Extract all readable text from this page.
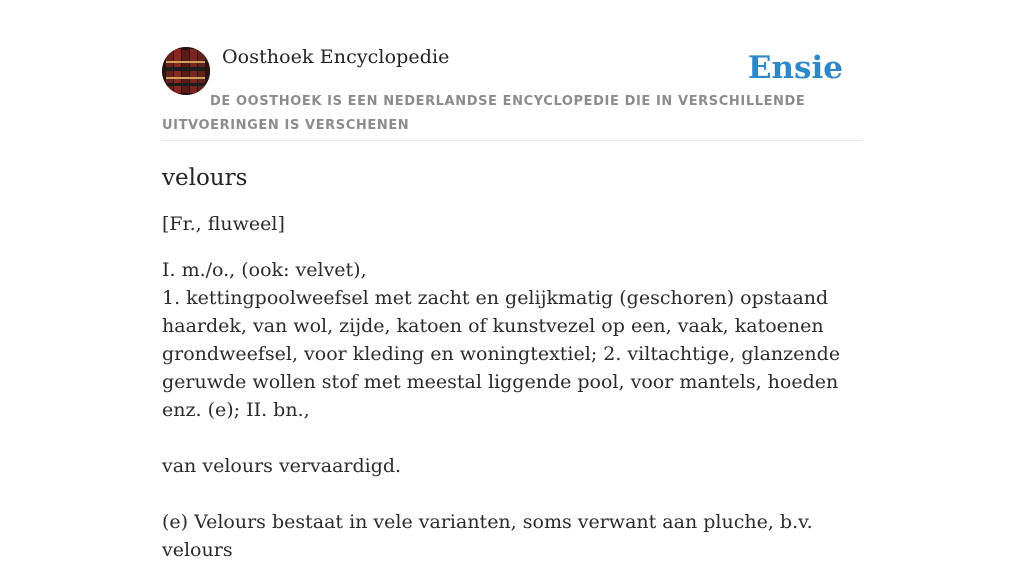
Oosthoek Encyclopedie	Ensie
DE OOSTHOEK IS EEN NEDERLANDSE ENCYCLOPEDIE DIE IN VERSCHILLENDE UITVOERINGEN IS VERSCHENEN
velours
[Fr., fluweel]

I. m./o., (ook: velvet),

1. kettingpoolweefsel met zacht en gelijkmatig (geschoren) opstaand haardek, van wol, zijde, katoen of kunstvezel op een, vaak, katoenen grondweefsel, voor kleding en woningtextiel; 2. viltachtige, glanzende geruwde wollen stof met meestal liggende pool, voor mantels, hoeden enz. (e); II. bn.,

van velours vervaardigd.

(e) Velours bestaat in vele varianten, soms verwant aan pluche, b.v. velours
